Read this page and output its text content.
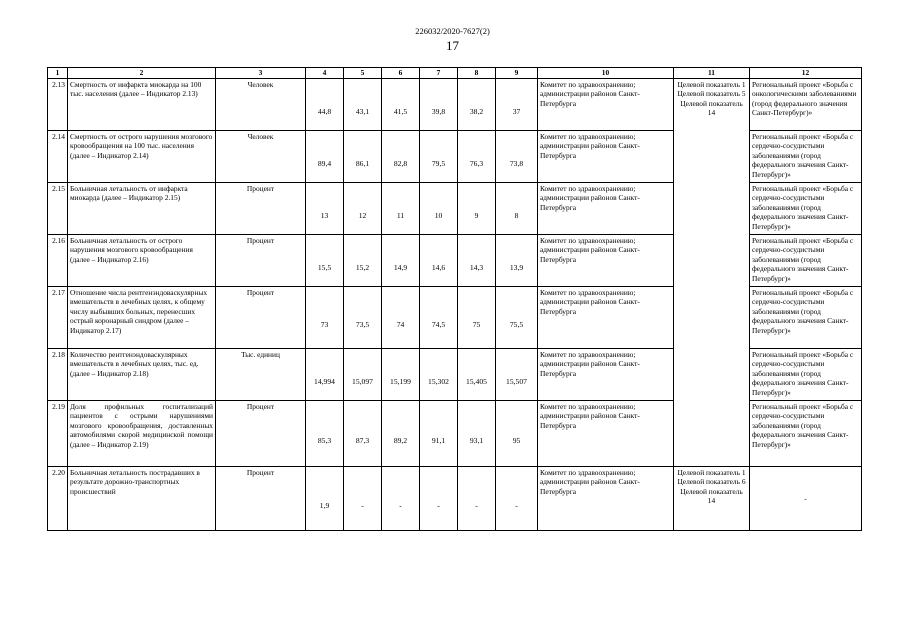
226032/2020-7627(2)
17
1	2	3	4	5	6	7	8	9	10	11	12
2.13	Смертность от инфаркта миокарда на 100 тыс. населения (далее – Индикатор 2.13)	Человек	44,8	43,1	41,5	39,8	38,2	37	Комитет по здравоохранению; администрации районов Санкт-Петербурга	Целевой показатель 1 Целевой показатель 5 Целевой показатель 14	Региональный проект «Борьба с онкологическими заболеваниями (город федерального значения Санкт-Петербург)»
2.14	Смертность от острого нарушения мозгового кровообращения на 100 тыс. населения (далее – Индикатор 2.14)	Человек	89,4	86,1	82,8	79,5	76,3	73,8	Комитет по здравоохранению; администрации районов Санкт-Петербурга		Региональный проект «Борьба с сердечно-сосудистыми заболеваниями (город федерального значения Санкт-Петербург)»
2.15	Больничная летальность от инфаркта миокарда (далее – Индикатор 2.15)	Процент	13	12	11	10	9	8	Комитет по здравоохранению; администрации районов Санкт-Петербурга		Региональный проект «Борьба с сердечно-сосудистыми заболеваниями (город федерального значения Санкт-Петербург)»
2.16	Больничная летальность от острого нарушения мозгового кровообращения (далее – Индикатор 2.16)	Процент	15,5	15,2	14,9	14,6	14,3	13,9	Комитет по здравоохранению; администрации районов Санкт-Петербурга		Региональный проект «Борьба с сердечно-сосудистыми заболеваниями (город федерального значения Санкт-Петербург)»
2.17	Отношение числа рентгенэндоваскулярных вмешательств в лечебных целях, к общему числу выбывших больных, перенесших острый коронарный синдром (далее – Индикатор 2.17)	Процент	73	73,5	74	74,5	75	75,5	Комитет по здравоохранению; администрации районов Санкт-Петербурга		Региональный проект «Борьба с сердечно-сосудистыми заболеваниями (город федерального значения Санкт-Петербург)»
2.18	Количество рентгенэндоваскулярных вмешательств в лечебных целях, тыс. ед. (далее – Индикатор 2.18)	Тыс. единиц	14,994	15,097	15,199	15,302	15,405	15,507	Комитет по здравоохранению; администрации районов Санкт-Петербурга		Региональный проект «Борьба с сердечно-сосудистыми заболеваниями (город федерального значения Санкт-Петербург)»
2.19	Доля профильных госпитализаций пациентов с острыми нарушениями мозгового кровообращения, доставленных автомобилями скорой медицинской помощи (далее – Индикатор 2.19)	Процент	85,3	87,3	89,2	91,1	93,1	95	Комитет по здравоохранению; администрации районов Санкт-Петербурга		Региональный проект «Борьба с сердечно-сосудистыми заболеваниями (город федерального значения Санкт-Петербург)»
2.20	Больничная летальность пострадавших в результате дорожно-транспортных происшествий	Процент	1,9	-	-	-	-	-	Комитет по здравоохранению; администрации районов Санкт-Петербурга	Целевой показатель 1 Целевой показатель 6 Целевой показатель 14	-
